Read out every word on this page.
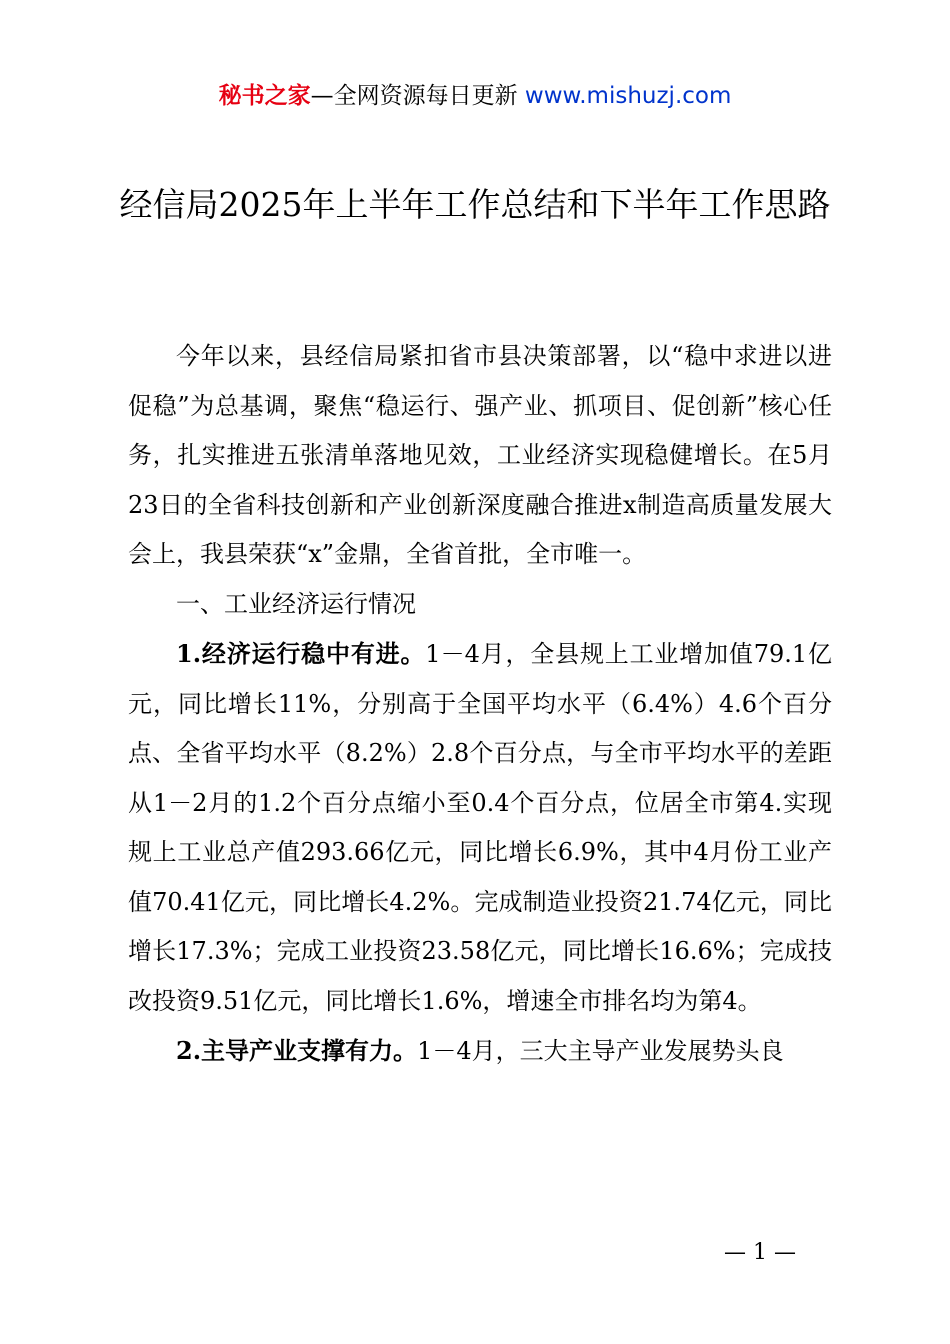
秘书之家—全网资源每日更新 www.mishuzj.com
经信局2025年上半年工作总结和下半年工作思路

今年以来，县经信局紧扣省市县决策部署，以“稳中求进以进促稳”为总基调，聚焦“稳运行、强产业、抓项目、促创新”核心任务，扎实推进五张清单落地见效，工业经济实现稳健增长。在5月23日的全省科技创新和产业创新深度融合推进x制造高质量发展大会上，我县荣获“x”金鼎，全省首批，全市唯一。

一、工业经济运行情况

1.经济运行稳中有进。1－4月，全县规上工业增加值79.1亿元，同比增长11%，分别高于全国平均水平（6.4%）4.6个百分点、全省平均水平（8.2%）2.8个百分点，与全市平均水平的差距从1－2月的1.2个百分点缩小至0.4个百分点，位居全市第4.实现规上工业总产值293.66亿元，同比增长6.9%，其中4月份工业产值70.41亿元，同比增长4.2%。完成制造业投资21.74亿元，同比增长17.3%；完成工业投资23.58亿元，同比增长16.6%；完成技改投资9.51亿元，同比增长1.6%，增速全市排名均为第4。

2.主导产业支撑有力。1－4月，三大主导产业发展势头良

— 1 —
